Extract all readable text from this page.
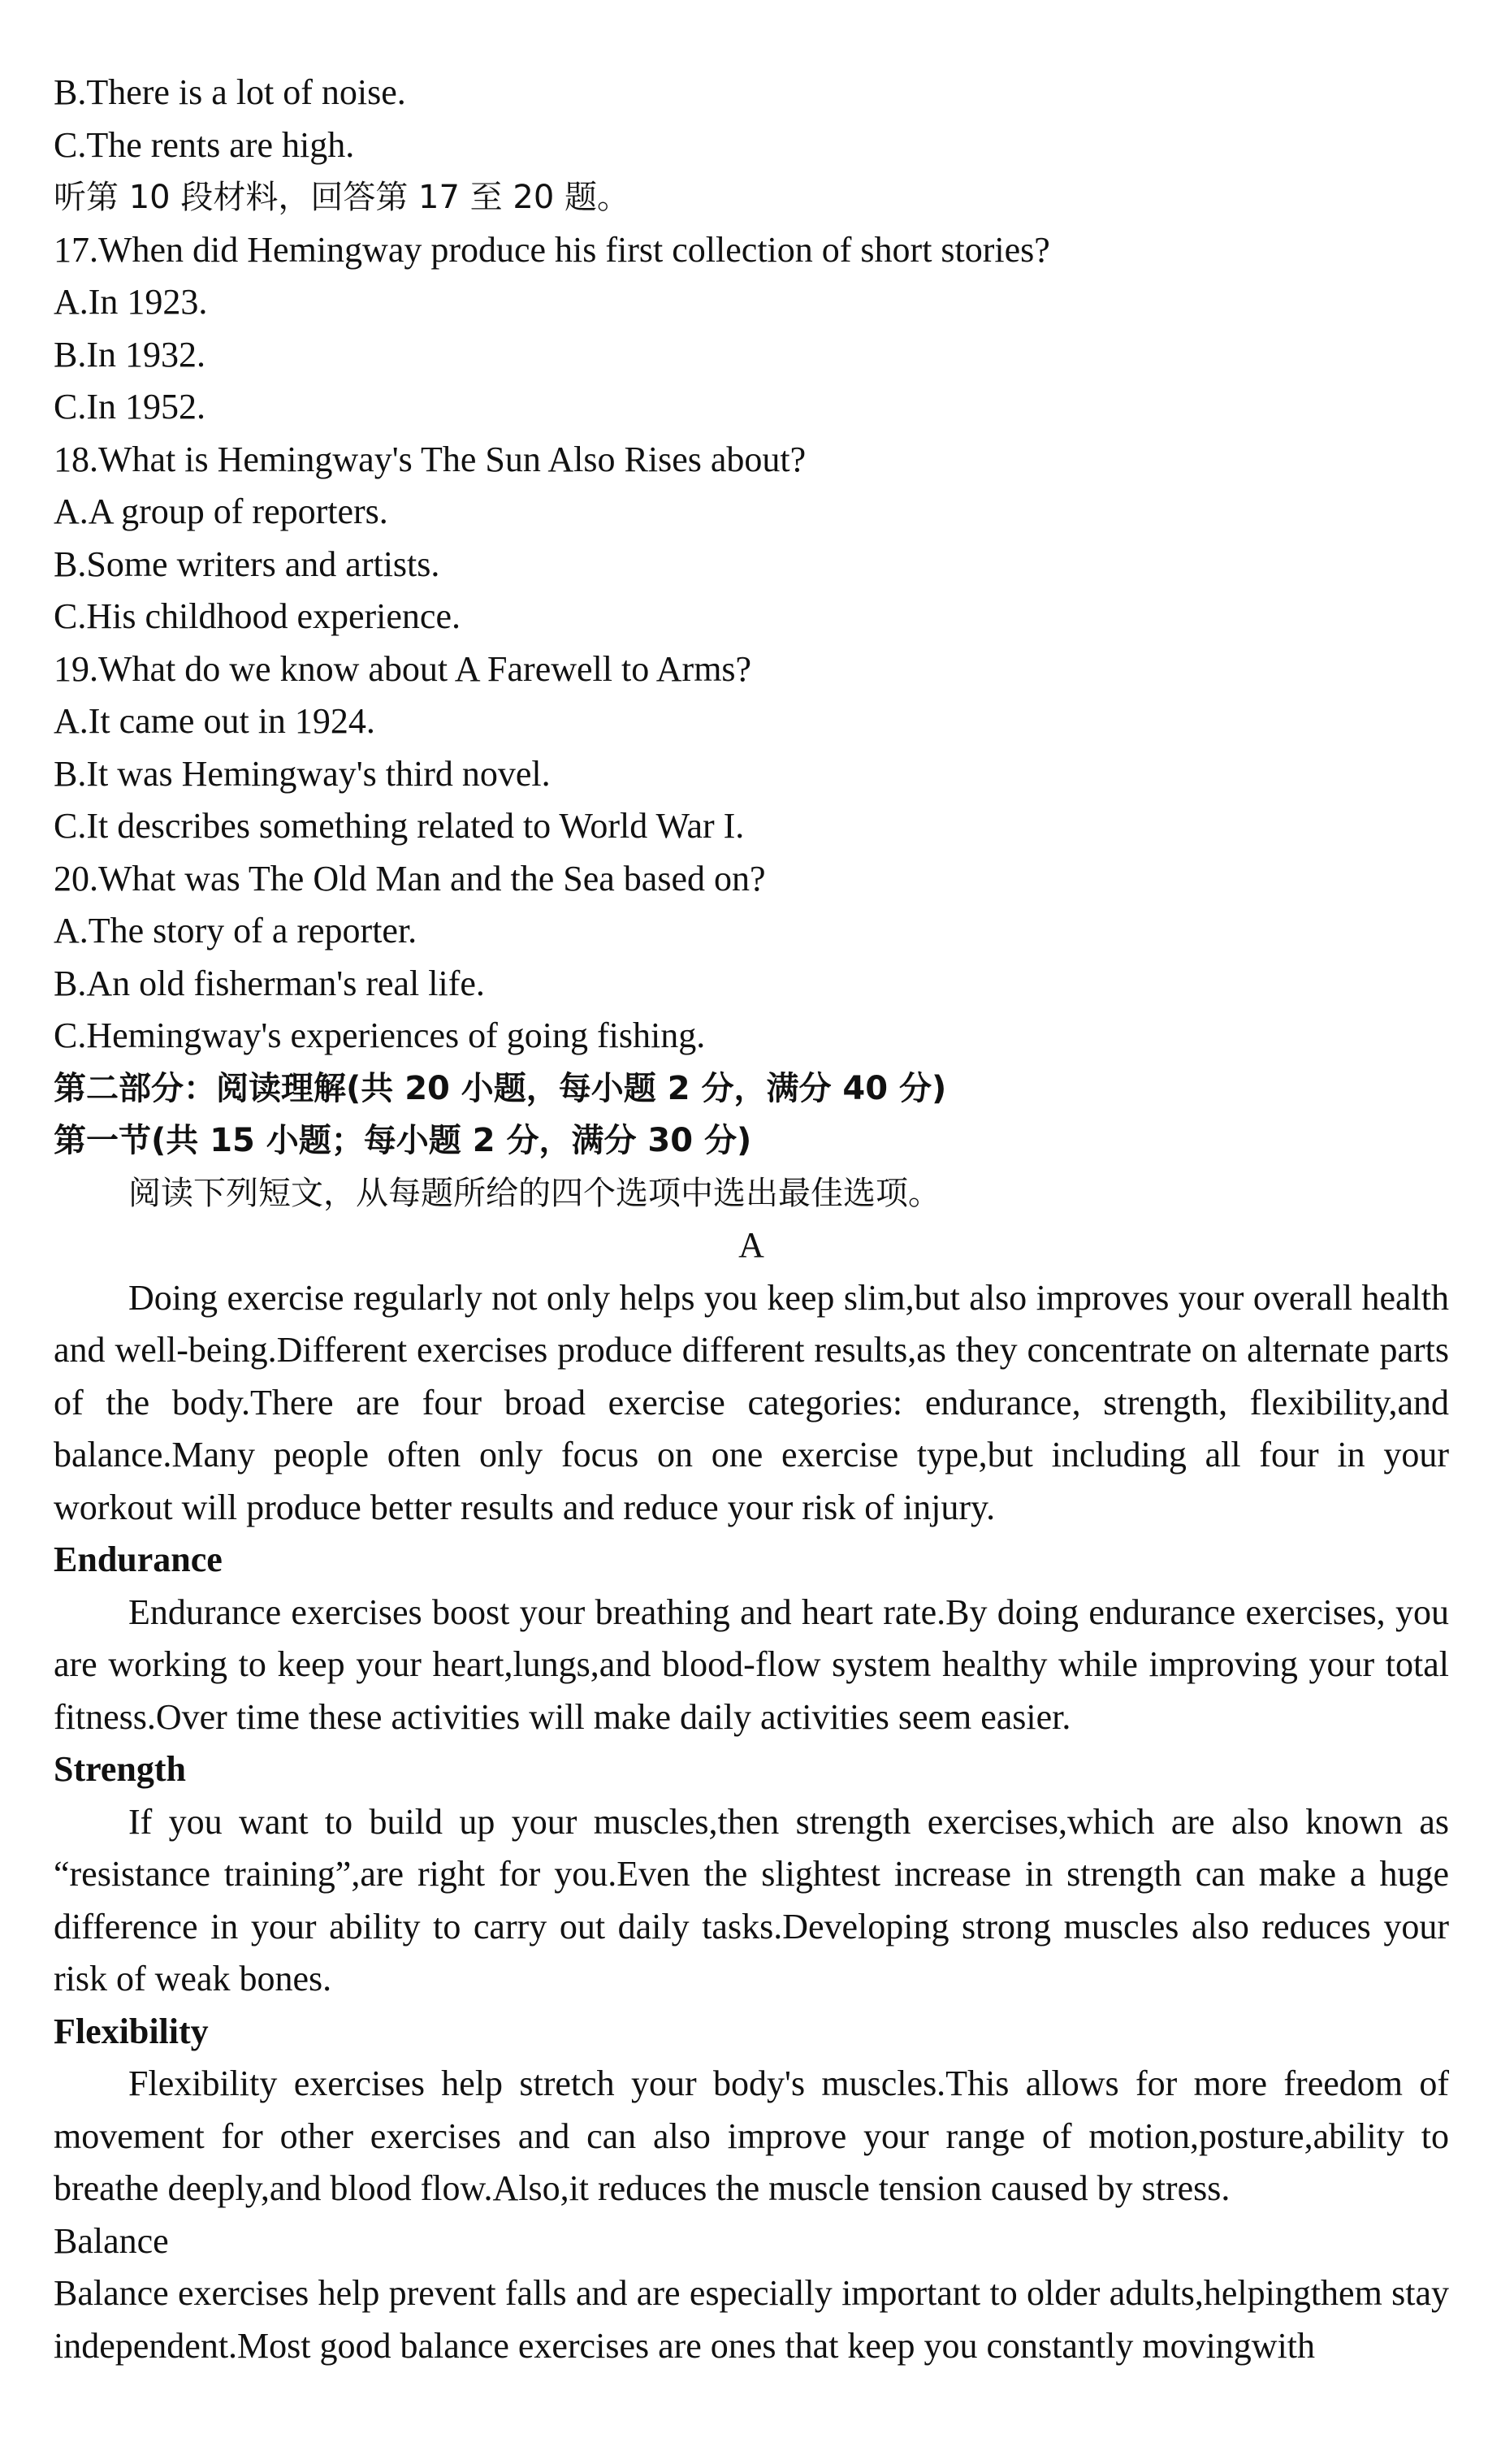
B.There is a lot of noise.
C.The rents are high.
听第 10 段材料，回答第 17 至 20 题。
17.When did Hemingway produce his first collection of short stories?
A.In 1923.
B.In 1932.
C.In 1952.
18.What is Hemingway's The Sun Also Rises about?
A.A group of reporters.
B.Some writers and artists.
C.His childhood experience.
19.What do we know about A Farewell to Arms?
A.It came out in 1924.
B.It was Hemingway's third novel.
C.It describes something related to World War I.
20.What was The Old Man and the Sea based on?
A.The story of a reporter.
B.An old fisherman's real life.
C.Hemingway's experiences of going fishing.
第二部分：阅读理解(共 20 小题，每小题 2 分，满分 40 分)
第一节(共 15 小题；每小题 2 分，满分 30 分)
阅读下列短文，从每题所给的四个选项中选出最佳选项。
A
Doing exercise regularly not only helps you keep slim,but also improves your overall health and well-being.Different exercises produce different results,as they concentrate on alternate parts of the body.There are four broad exercise categories: endurance, strength, flexibility,and balance.Many people often only focus on one exercise type,but including all four in your workout will produce better results and reduce your risk of injury.
Endurance
Endurance exercises boost your breathing and heart rate.By doing endurance exercises, you are working to keep your heart,lungs,and blood-flow system healthy while improving your total fitness.Over time these activities will make daily activities seem easier.
Strength
If you want to build up your muscles,then strength exercises,which are also known as “resistance training”,are right for you.Even the slightest increase in strength can make a huge difference in your ability to carry out daily tasks.Developing strong muscles also reduces your risk of weak bones.
Flexibility
Flexibility exercises help stretch your body's muscles.This allows for more freedom of movement for other exercises and can also improve your range of motion,posture,ability to breathe deeply,and blood flow.Also,it reduces the muscle tension caused by stress.
Balance
Balance exercises help prevent falls and are especially important to older adults,helpingthem stay independent.Most good balance exercises are ones that keep you constantly movingwith
